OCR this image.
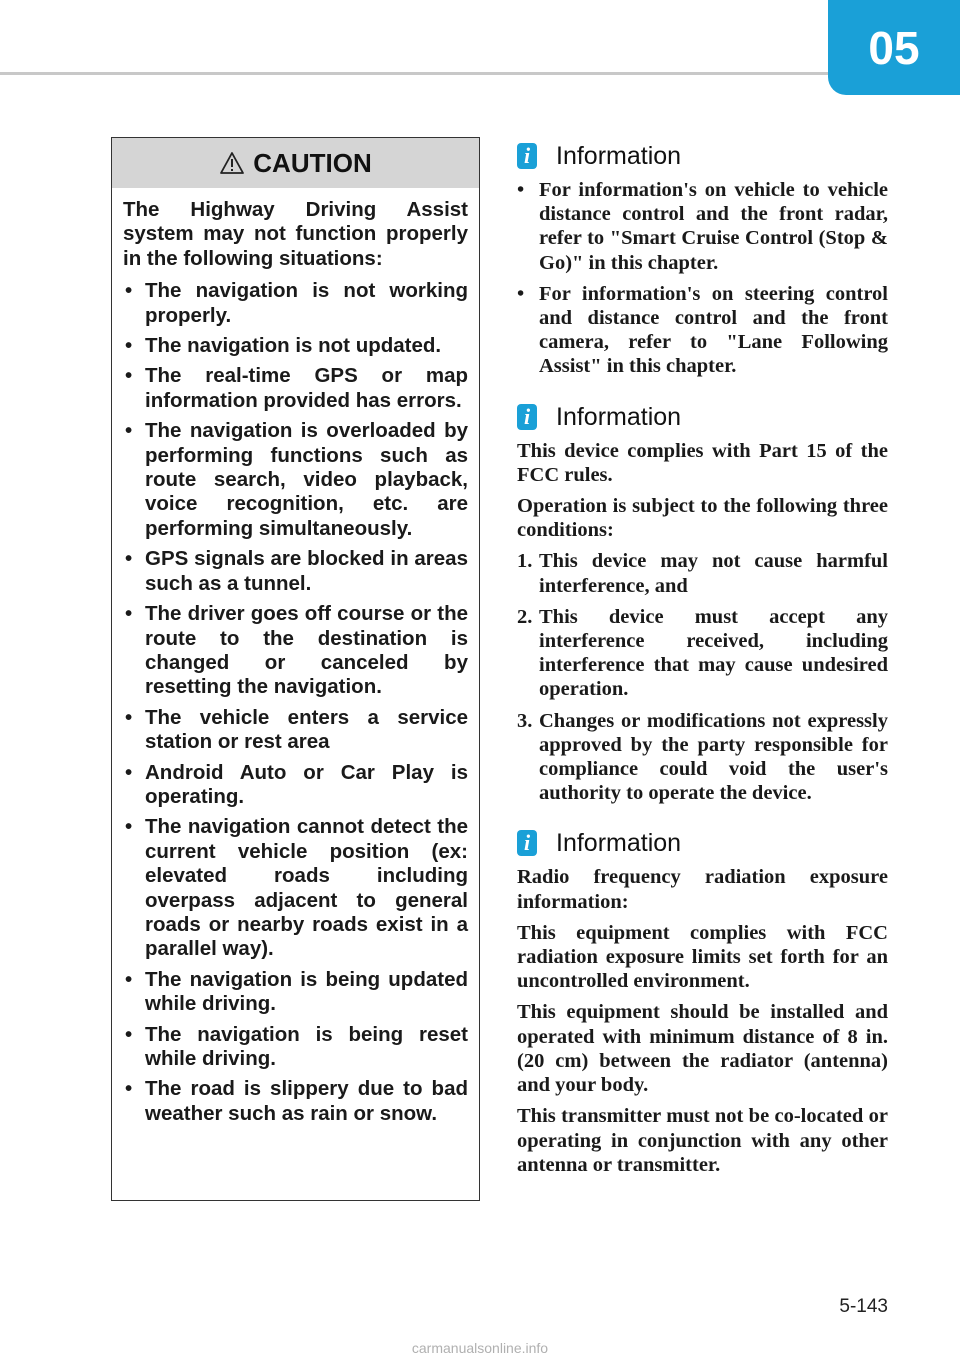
05
CAUTION

The Highway Driving Assist system may not function properly in the following situations:

• The navigation is not working properly.
• The navigation is not updated.
• The real-time GPS or map information provided has errors.
• The navigation is overloaded by performing functions such as route search, video playback, voice recognition, etc. are performing simultaneously.
• GPS signals are blocked in areas such as a tunnel.
• The driver goes off course or the route to the destination is changed or canceled by resetting the navigation.
• The vehicle enters a service station or rest area
• Android Auto or Car Play is operating.
• The navigation cannot detect the current vehicle position (ex: elevated roads including overpass adjacent to general roads or nearby roads exist in a parallel way).
• The navigation is being updated while driving.
• The navigation is being reset while driving.
• The road is slippery due to bad weather such as rain or snow.
i Information
• For information's on vehicle to vehicle distance control and the front radar, refer to "Smart Cruise Control (Stop & Go)" in this chapter.
• For information's on steering control and distance control and the front camera, refer to "Lane Following Assist" in this chapter.
i Information

This device complies with Part 15 of the FCC rules.

Operation is subject to the following three conditions:

1. This device may not cause harmful interference, and
2. This device must accept any interference received, including interference that may cause undesired operation.
3. Changes or modifications not expressly approved by the party responsible for compliance could void the user's authority to operate the device.
i Information

Radio frequency radiation exposure information:

This equipment complies with FCC radiation exposure limits set forth for an uncontrolled environment.

This equipment should be installed and operated with minimum distance of 8 in. (20 cm) between the radiator (antenna) and your body.

This transmitter must not be co-located or operating in conjunction with any other antenna or transmitter.

5-143
carmanualsonline.info
